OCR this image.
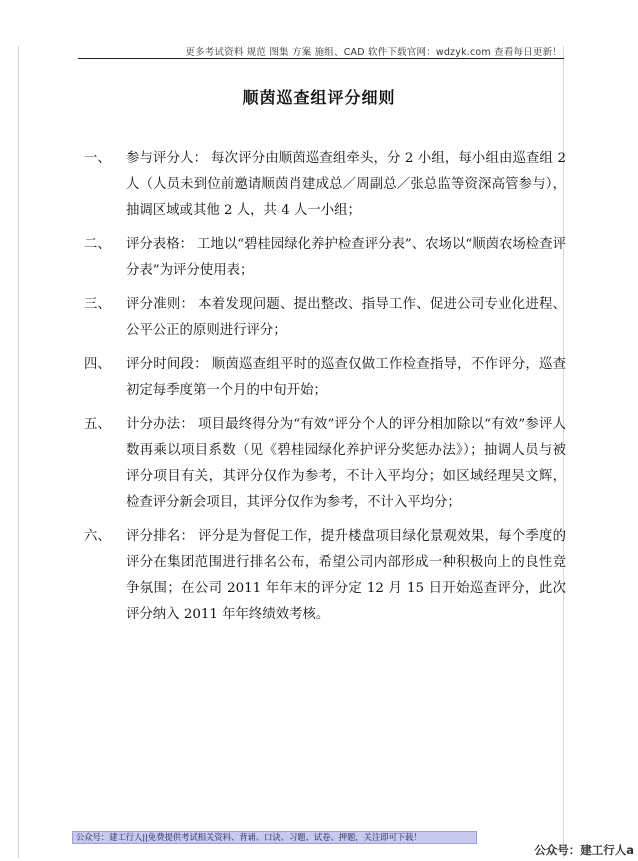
更多考试资料 规范 图集 方案 施组、CAD 软件下载官网：wdzyk.com 查看每日更新！
顺茵巡查组评分细则
一、	参与评分人： 每次评分由顺茵巡查组牵头，分 2 小组，每小组由巡查组 2 人（人员未到位前邀请顺茵肖建成总／周副总／张总监等资深高管参与），抽调区域或其他 2 人，共 4 人一小组；
二、	评分表格： 工地以“碧桂园绿化养护检查评分表”、农场以“顺茵农场检查评分表”为评分使用表；
三、	评分准则： 本着发现问题、提出整改、指导工作、促进公司专业化进程、公平公正的原则进行评分；
四、	评分时间段： 顺茵巡查组平时的巡查仅做工作检查指导，不作评分，巡查初定每季度第一个月的中旬开始；
五、	计分办法： 项目最终得分为“有效”评分个人的评分相加除以“有效”参评人数再乘以项目系数（见《碧桂园绿化养护评分奖惩办法》）；抽调人员与被评分项目有关，其评分仅作为参考，不计入平均分；如区域经理吴文辉，检查评分新会项目，其评分仅作为参考，不计入平均分；
六、	评分排名： 评分是为督促工作，提升楼盘项目绿化景观效果，每个季度的评分在集团范围进行排名公布，希望公司内部形成一种积极向上的良性竞争氛围；在公司 2011 年年末的评分定 12 月 15 日开始巡查评分，此次评分纳入 2011 年年终绩效考核。
公众号：建工行人||免费提供考试相关资料、背诵、口诀、习题、试卷、押题，关注即可下载！
公众号：建工行人a
